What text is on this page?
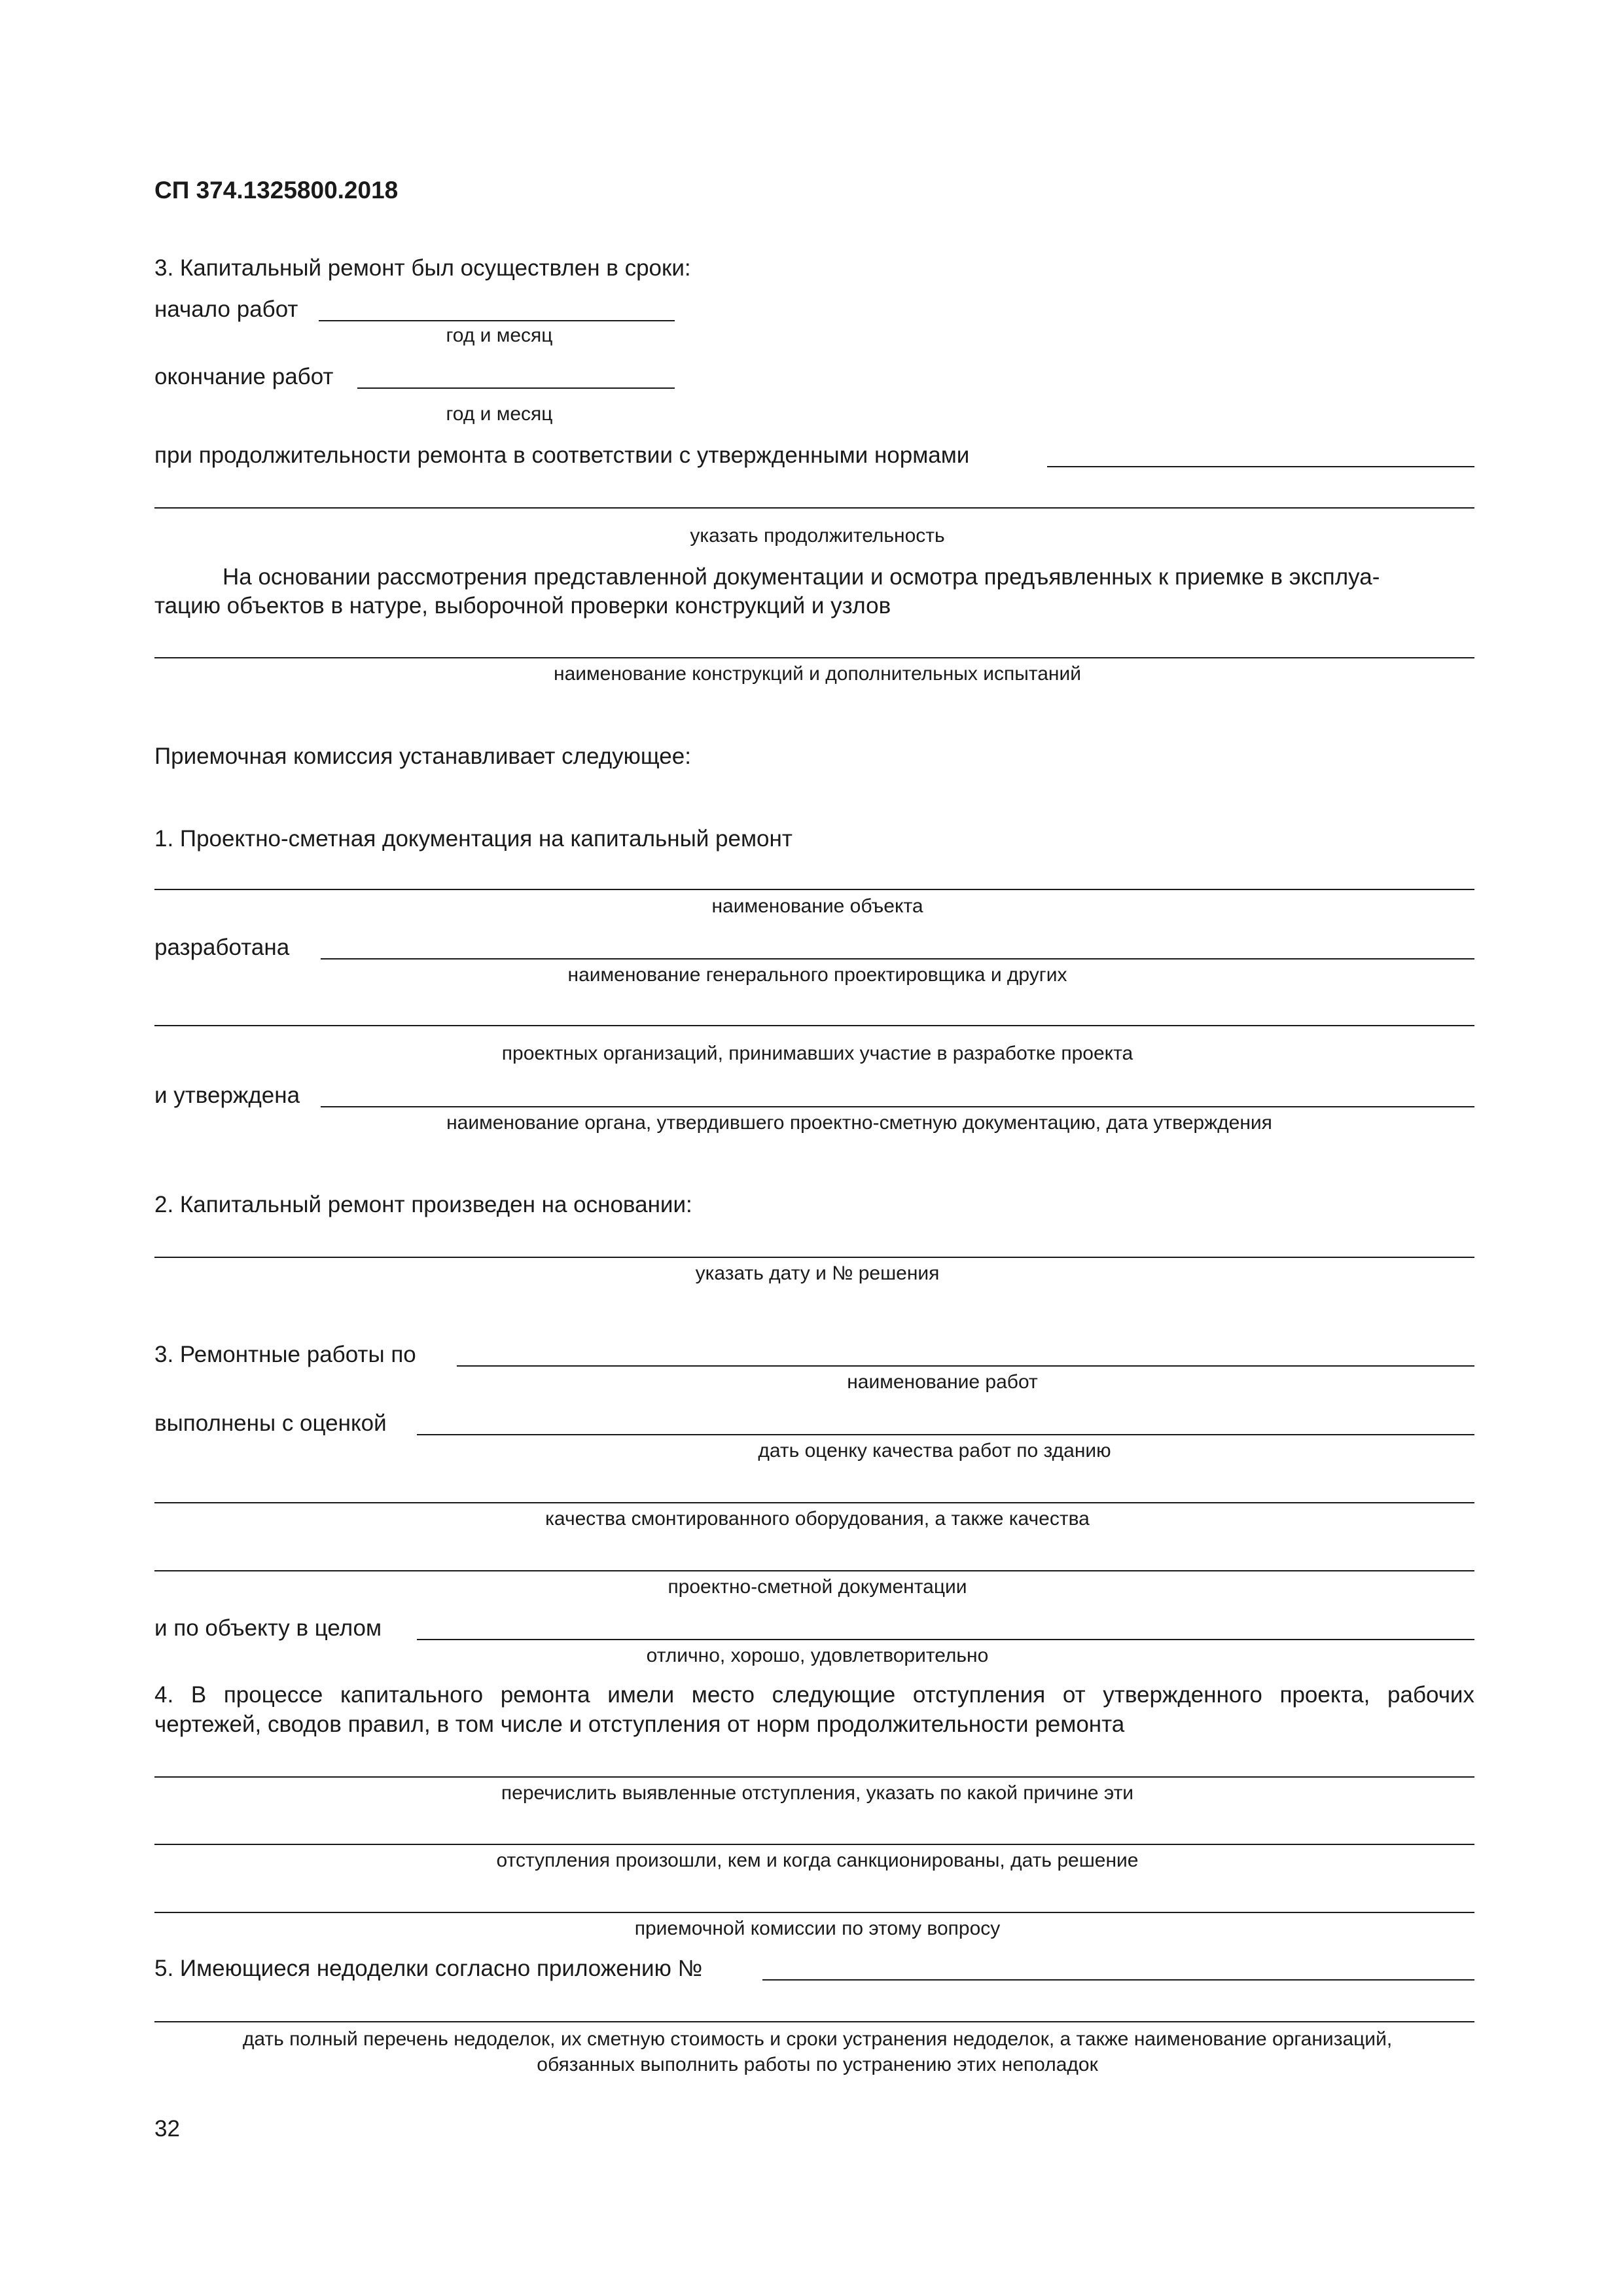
СП 374.1325800.2018
3. Капитальный ремонт был осуществлен в сроки:
начало работ
год и месяц
окончание работ
год и месяц
при продолжительности ремонта в соответствии с утвержденными нормами
указать продолжительность
На основании рассмотрения представленной документации и осмотра предъявленных к приемке в эксплуа-
тацию объектов в натуре, выборочной проверки конструкций и узлов
наименование конструкций и дополнительных испытаний
Приемочная комиссия устанавливает следующее:
1. Проектно-сметная документация на капитальный ремонт
наименование объекта
разработана
наименование генерального проектировщика и других
проектных организаций, принимавших участие в разработке проекта
и утверждена
наименование органа, утвердившего проектно-сметную документацию, дата утверждения
2. Капитальный ремонт произведен на основании:
указать дату и № решения
3. Ремонтные работы по
наименование работ
выполнены с оценкой
дать оценку качества работ по зданию
качества смонтированного оборудования, а также качества
проектно-сметной документации
и по объекту в целом
отлично, хорошо, удовлетворительно
4. В процессе капитального ремонта имели место следующие отступления от утвержденного проекта, рабочих
чертежей, сводов правил, в том числе и отступления от норм продолжительности ремонта
перечислить выявленные отступления, указать по какой причине эти
отступления произошли, кем и когда санкционированы, дать решение
приемочной комиссии по этому вопросу
5. Имеющиеся недоделки согласно приложению №
дать полный перечень недоделок, их сметную стоимость и сроки устранения недоделок, а также наименование организаций,
обязанных выполнить работы по устранению этих неполадок
32
